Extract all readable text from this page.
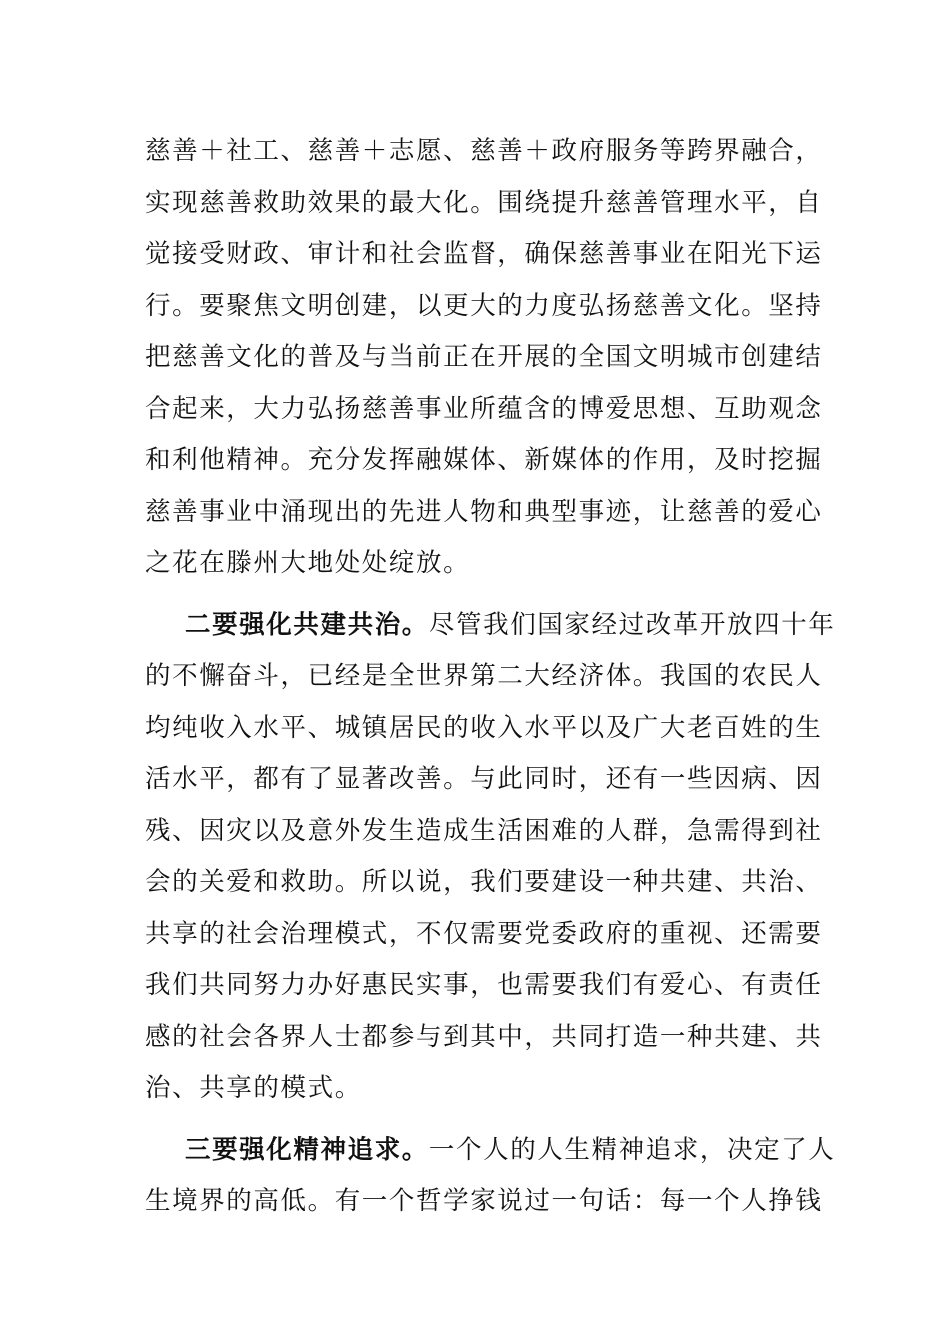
慈善＋社工、慈善＋志愿、慈善＋政府服务等跨界融合，
实现慈善救助效果的最大化。围绕提升慈善管理水平，自
觉接受财政、审计和社会监督，确保慈善事业在阳光下运
行。要聚焦文明创建，以更大的力度弘扬慈善文化。坚持
把慈善文化的普及与当前正在开展的全国文明城市创建结
合起来，大力弘扬慈善事业所蕴含的博爱思想、互助观念
和利他精神。充分发挥融媒体、新媒体的作用，及时挖掘
慈善事业中涌现出的先进人物和典型事迹，让慈善的爱心
之花在滕州大地处处绽放。

二要强化共建共治。尽管我们国家经过改革开放四十年
的不懈奋斗，已经是全世界第二大经济体。我国的农民人
均纯收入水平、城镇居民的收入水平以及广大老百姓的生
活水平，都有了显著改善。与此同时，还有一些因病、因
残、因灾以及意外发生造成生活困难的人群，急需得到社
会的关爱和救助。所以说，我们要建设一种共建、共治、
共享的社会治理模式，不仅需要党委政府的重视、还需要
我们共同努力办好惠民实事，也需要我们有爱心、有责任
感的社会各界人士都参与到其中，共同打造一种共建、共
治、共享的模式。

三要强化精神追求。一个人的人生精神追求，决定了人
生境界的高低。有一个哲学家说过一句话：每一个人挣钱
